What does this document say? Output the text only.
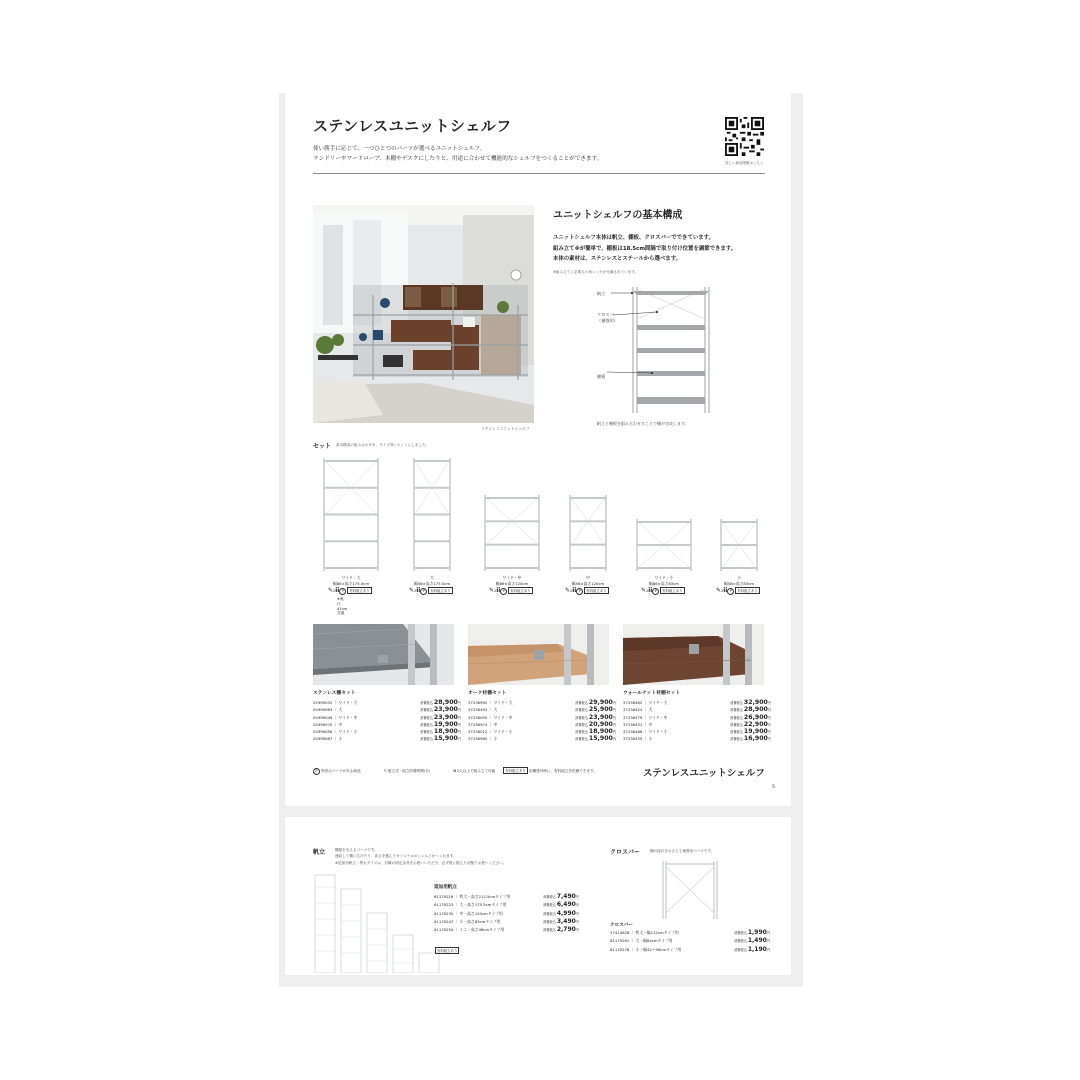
ステンレスユニットシェルフ
使い勝手に応じて、一つひとつのパーツが選べるユニットシェルフ。
ランドリーやワードローブ、本棚やデスクにしたりと、用途に合わせて機能的なシェルフをつくることができます。
詳しい商品情報はこちら
ステンレスユニットシェルフ
ユニットシェルフの基本構成
ユニットシェルフ本体は帆立、棚板、クロスバーでできています。
組み立て※が簡単で、棚板は18.5cm間隔で取り付け位置を調節できます。
本体の素材は、ステンレスとスチールから選べます。
※組み立てに必要な六角レンチが付属されています。
帆立
クロスバー
（補強用）
棚板
帆立と棚板を組み合わせることで棚が完成します。
セット 基本構成の組み合わせを、サイズ別にセットにしました。
ワイド・大
幅86×高さ175.5cm
✎2ii P 有料組立あり
※奥行41cm共通
大
幅58×高さ175.5cm
✎2ii P 有料組立あり
ワイド・中
幅86×高さ120cm
✎2ii P 有料組立あり
中
幅58×高さ120cm
✎2ii P 有料組立あり
ワイド・小
幅86×高さ83cm
✎2ii P 有料組立あり
小
幅58×高さ83cm
✎2ii P 有料組立あり
ステンレス棚セット
02999032 ｜ ワイド・大	消費税込28,900円
02999063 ｜ 大	消費税込23,900円
02999049 ｜ ワイド・中	消費税込23,900円
02999070 ｜ 中	消費税込19,900円
02999056 ｜ ワイド・小	消費税込18,900円
02999087 ｜ 小	消費税込15,900円
オーク材棚セット
37236992 ｜ ワイド・大	消費税込29,900円
37236493 ｜ 大	消費税込25,900円
37236005 ｜ ワイド・中	消費税込23,900円
37236974 ｜ 中	消費税込20,900円
37236012 ｜ ワイド・小	消費税込18,900円
37236985 ｜ 小	消費税込15,900円
ウォールナット材棚セット
37236462 ｜ ワイド・大	消費税込32,900円
37236424 ｜ 大	消費税込28,900円
37236479 ｜ ワイド・中	消費税込26,900円
37236431 ｜ 中	消費税込22,900円
37236486 ｜ ワイド・小	消費税込19,900円
37236455 ｜ 小	消費税込16,900円
P 別売のパーツがある商品	✎ 組立式・組立所要時間(分)	ii 2人以上で組み立て可能	有料組立あり 店舗受付時に、有料組立を依頼できます。	ステンレスユニットシェルフ
5
帆立	棚板を支えるパーツです。
連結して横に広げたり、高さを選んでオリジナルのシェルフがつくれます。
※追加用帆立・特大サイズは、付属の固定金具をお使いいただき、必ず壁に据えた状態でお使いください。
追加用帆立
61179216 ｜ 特大・高さ212.5cmタイプ用	消費税込7,490円
61179223 ｜ 大・高さ175.5cmタイプ用	消費税込6,490円
61179230 ｜ 中・高さ120cmタイプ用	消費税込4,990円
61179247 ｜ 小・高さ83cmタイプ用	消費税込3,490円
61179254 ｜ ミニ・高さ46cmタイプ用	消費税込2,790円
有料組立あり
クロスバー	棚の揺れをおさえる補強用パーツです。
クロスバー
37414628 ｜ 特大・幅112cmタイプ用	消費税込1,990円
61179261 ｜ 大・幅84cmタイプ用	消費税込1,490円
61179278 ｜ 小・幅42〜56cmタイプ用	消費税込1,190円
